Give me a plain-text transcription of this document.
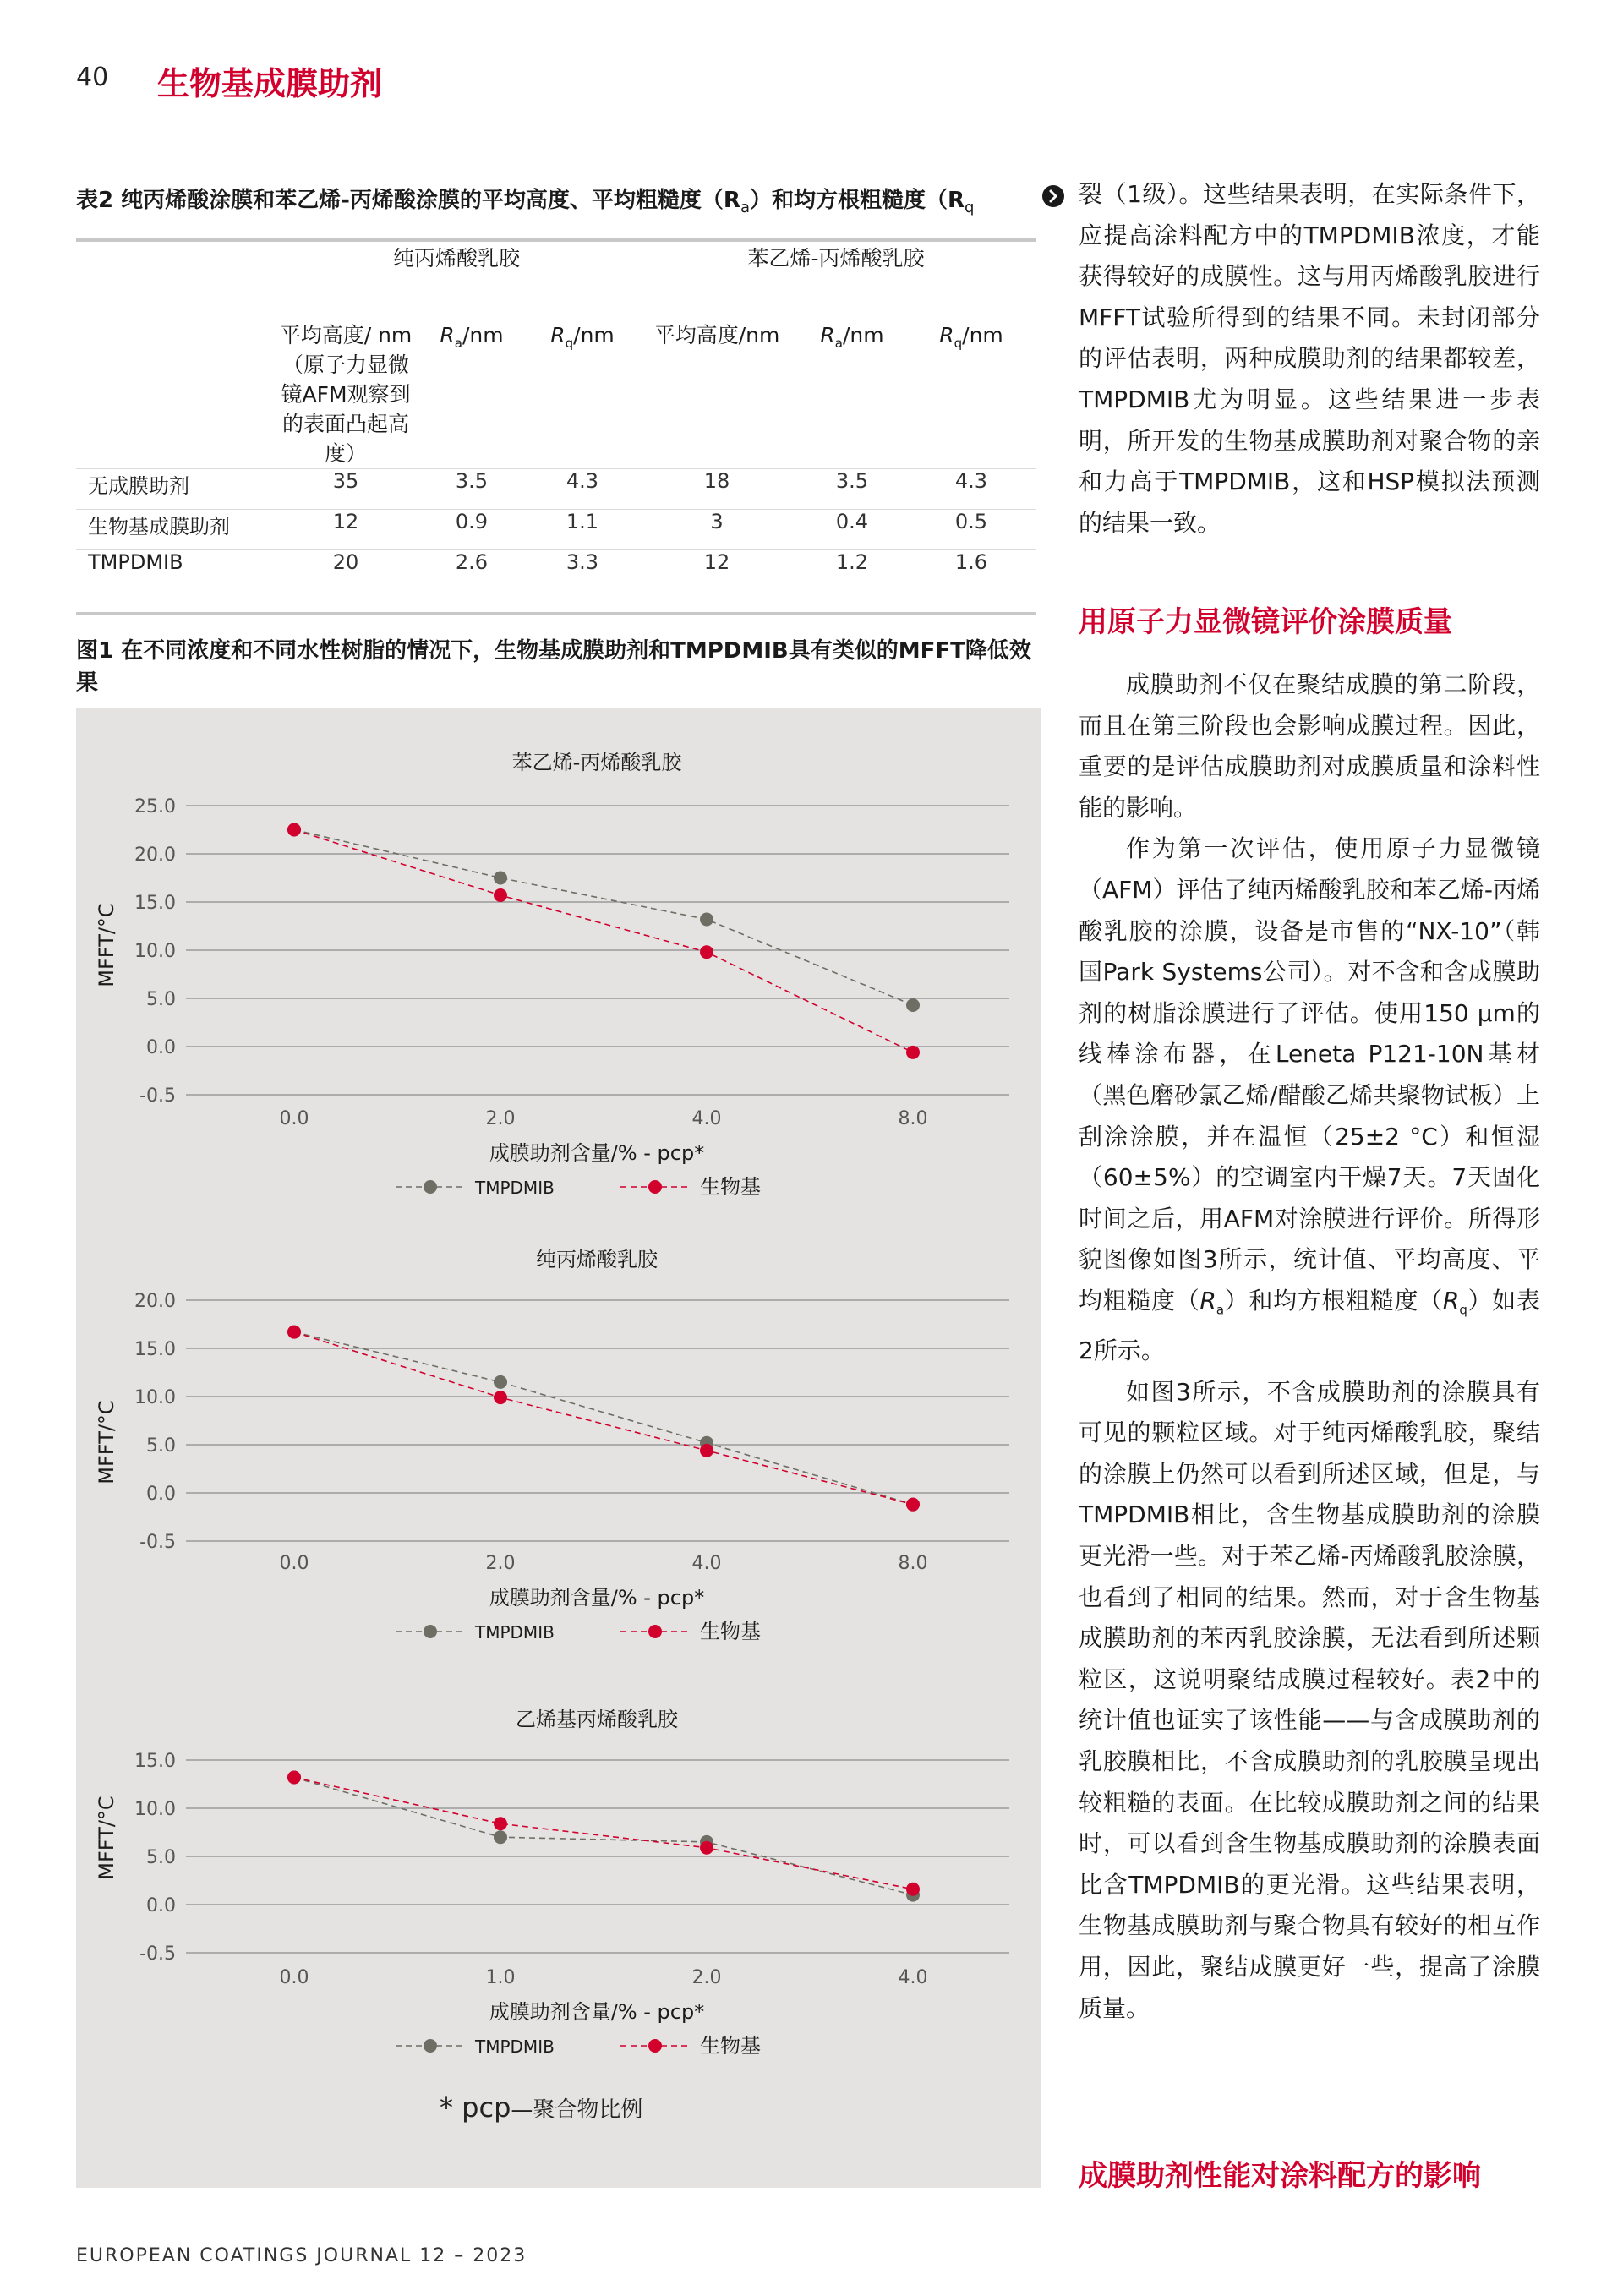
40 生物基成膜助剂
表2 纯丙烯酸涂膜和苯乙烯-丙烯酸涂膜的平均高度、平均粗糙度$(R_a)$和均方根粗糙度（$R_q$
	纯丙烯酸乳胶			苯乙烯-丙烯酸乳胶		
	平均高度/ nm（原子力显微镜AFM观察到的表面凸起高度）	$R_a/nm$	$R_q/nm$	平均高度/nm	$R_a/nm$	$R_q/nm$
无成膜助剂	35	3.5	4.3	18	3.5	4.3
生物基成膜助剂	12	0.9	1.1	3	0.4	0.5
TMPDMIB	20	2.6	3.3	12	1.2	1.6
图1 在不同浓度和不同水性树脂的情况下，生物基成膜助剂和TMPDMIB具有类似的MFFT降低效果
苯乙烯-丙烯酸乳胶
25.0
20.0
15.0
10.0
5.0
0.0
-0.5
MFFT/°C
0.0	2.0	4.0	8.0
成膜助剂含量/% - pcp*
TMPDMIB	生物基
纯丙烯酸乳胶
20.0
15.0
10.0
5.0
0.0
-0.5
MFFT/°C
0.0	2.0	4.0	8.0
成膜助剂含量/% - pcp*
TMPDMIB	生物基
乙烯基丙烯酸乳胶
15.0
10.0
5.0
0.0
-0.5
MFFT/°C
0.0	1.0	2.0	4.0
成膜助剂含量/% - pcp*
TMPDMIB	生物基
* pcp—聚合物比例

裂（1级）。这些结果表明，在实际条件下，应提高涂料配方中的TMPDMIB浓度，才能获得较好的成膜性。这与用丙烯酸乳胶进行MFFT试验所得到的结果不同。未封闭部分的评估表明，两种成膜助剂的结果都较差，TMPDMIB尤为明显。这些结果进一步表明，所开发的生物基成膜助剂对聚合物的亲和力高于TMPDMIB，这和HSP模拟法预测的结果一致。

用原子力显微镜评价涂膜质量

成膜助剂不仅在聚结成膜的第二阶段，而且在第三阶段也会影响成膜过程。因此，重要的是评估成膜助剂对成膜质量和涂料性能的影响。

作为第一次评估，使用原子力显微镜（AFM）评估了纯丙烯酸乳胶和苯乙烯-丙烯酸乳胶的涂膜，设备是市售的“NX-10”（韩国Park Systems公司）。对不含和含成膜助剂的树脂涂膜进行了评估。使用150 μm的线棒涂布器，在Leneta P121-10N基材（黑色磨砂氯乙烯/醋酸乙烯共聚物试板）上刮涂涂膜，并在温恒（25±2 °C）和恒湿（60±5%）的空调室内干燥7天。7天固化时间之后，用AFM对涂膜进行评价。所得形貌图像如图3所示，统计值、平均高度、平均粗糙度$(R_a)$和均方根粗糙度$(R_q)$如表2所示。

如图3所示，不含成膜助剂的涂膜具有可见的颗粒区域。对于纯丙烯酸乳胶，聚结的涂膜上仍然可以看到所述区域，但是，与TMPDMIB相比，含生物基成膜助剂的涂膜更光滑一些。对于苯乙烯-丙烯酸乳胶涂膜，也看到了相同的结果。然而，对于含生物基成膜助剂的苯丙乳胶涂膜，无法看到所述颗粒区，这说明聚结成膜过程较好。表2中的统计值也证实了该性能——与含成膜助剂的乳胶膜相比，不含成膜助剂的乳胶膜呈现出较粗糙的表面。在比较成膜助剂之间的结果时，可以看到含生物基成膜助剂的涂膜表面比含TMPDMIB的更光滑。这些结果表明，生物基成膜助剂与聚合物具有较好的相互作用，因此，聚结成膜更好一些，提高了涂膜质量。

成膜助剂性能对涂料配方的影响
EUROPEAN COATINGS JOURNAL 12 – 2023
